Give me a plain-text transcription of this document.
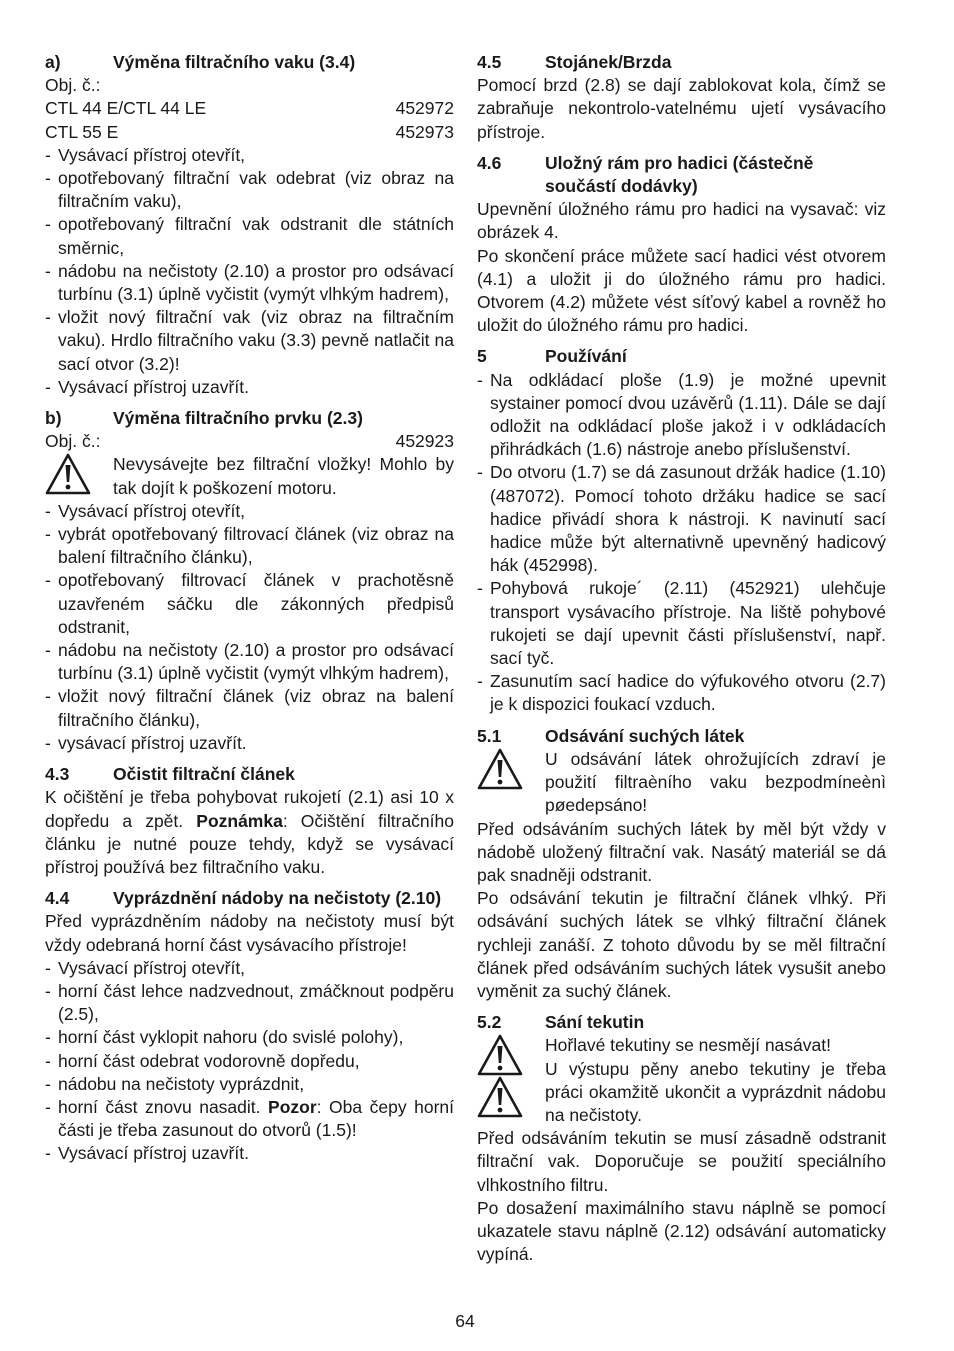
a)	Výměna filtračního vaku (3.4)

Obj. č.:

CTL 44 E/CTL 44 LE	452972
CTL 55 E	452973
- Vysávací přístroj otevřít,
- opotřebovaný filtrační vak odebrat (viz obraz na filtračním vaku),
- opotřebovaný filtrační vak odstranit dle státních směrnic,
- nádobu na nečistoty (2.10) a prostor pro odsávací turbínu (3.1) úplně vyčistit (vymýt vlhkým hadrem),
- vložit nový filtrační vak (viz obraz na filtračním vaku). Hrdlo filtračního vaku (3.3) pevně natlačit na sací otvor (3.2)!
- Vysávací přístroj uzavřít.
b)	Výměna filtračního prvku (2.3)
Obj. č.:	452923
Nevysávejte bez filtrační vložky! Mohlo by tak dojít k poškození motoru.
- Vysávací přístroj otevřít,
- vybrát opotřebovaný filtrovací článek (viz obraz na balení filtračního článku),
- opotřebovaný filtrovací článek v prachotěsně uzavřeném sáčku dle zákonných předpisů odstranit,
- nádobu na nečistoty (2.10) a prostor pro odsávací turbínu (3.1) úplně vyčistit (vymýt vlhkým hadrem),
- vložit nový filtrační článek (viz obraz na balení filtračního článku),
- vysávací přístroj uzavřít.
4.3	Očistit filtrační článek

K očištění je třeba pohybovat rukojetí (2.1) asi 10 x dopředu a zpět. Poznámka: Očištění filtračního článku je nutné pouze tehdy, když se vysávací přístroj používá bez filtračního vaku.

4.4	Vyprázdnění nádoby na nečistoty (2.10)

Před vyprázdněním nádoby na nečistoty musí být vždy odebraná horní část vysávacího přístroje!

- Vysávací přístroj otevřít,
- horní část lehce nadzvednout, zmáčknout podpěru (2.5),
- horní část vyklopit nahoru (do svislé polohy),
- horní část odebrat vodorovně dopředu,
- nádobu na nečistoty vyprázdnit,
- horní část znovu nasadit. Pozor: Oba čepy horní části je třeba zasunout do otvorů (1.5)!
- Vysávací přístroj uzavřít.
4.5	Stojánek/Brzda

Pomocí brzd (2.8) se dají zablokovat kola, čímž se zabraňuje nekontrolo-vatelnému ujetí vysávacího přístroje.

4.6	Uložný rám pro hadici (částečně součástí dodávky)

Upevnění úložného rámu pro hadici na vysavač: viz obrázek 4.

Po skončení práce můžete sací hadici vést otvorem (4.1) a uložit ji do úložného rámu pro hadici. Otvorem (4.2) můžete vést síťový kabel a rovněž ho uložit do úložného rámu pro hadici.

5	Používání
- Na odkládací ploše (1.9) je možné upevnit systainer pomocí dvou uzávěrů (1.11). Dále se dají odložit na odkládací ploše jakož i v odkládacích přihrádkách (1.6) nástroje anebo příslušenství.
- Do otvoru (1.7) se dá zasunout držák hadice (1.10) (487072). Pomocí tohoto držáku hadice se sací hadice přivádí shora k nástroji. K navinutí sací hadice může být alternativně upevněný hadicový hák (452998).
- Pohybová rukoje´ (2.11) (452921) ulehčuje transport vysávacího přístroje. Na liště pohybové rukojeti se dají upevnit části příslušenství, např. sací tyč.
- Zasunutím sací hadice do výfukového otvoru (2.7) je k dispozici foukací vzduch.
5.1	Odsávání suchých látek
U odsávání látek ohrožujících zdraví je použití filtraèního vaku bezpodmíneènì pøedepsáno!

Před odsáváním suchých látek by měl být vždy v nádobě uložený filtrační vak. Nasátý materiál se dá pak snadněji odstranit.

Po odsávání tekutin je filtrační článek vlhký. Při odsávání suchých látek se vlhký filtrační článek rychleji zanáší. Z tohoto důvodu by se měl filtrační článek před odsáváním suchých látek vysušit anebo vyměnit za suchý článek.

5.2	Sání tekutin
Hořlavé tekutiny se nesmějí nasávat!
U výstupu pěny anebo tekutiny je třeba práci okamžitě ukončit a vyprázdnit nádobu na nečistoty.

Před odsáváním tekutin se musí zásadně odstranit filtrační vak. Doporučuje se použití speciálního vlhkostního filtru.

Po dosažení maximálního stavu náplně se pomocí ukazatele stavu náplně (2.12) odsávání automaticky vypíná.

64
